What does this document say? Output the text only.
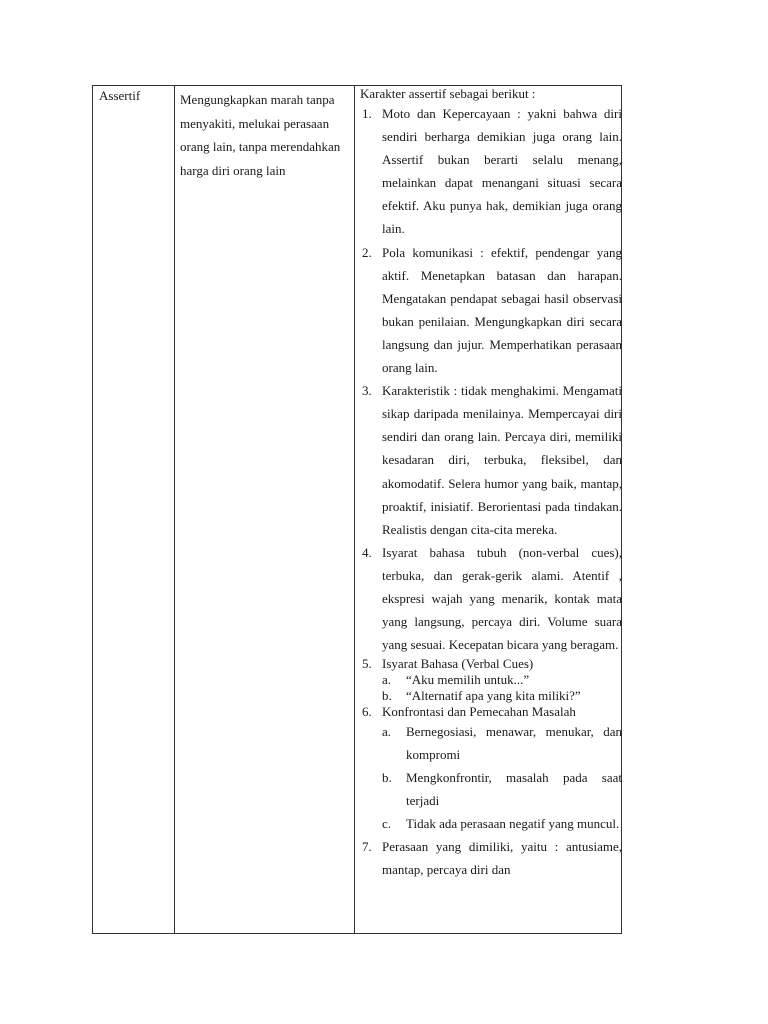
Assertif	Mengungkapkan marah tanpa menyakiti, melukai perasaan orang lain, tanpa merendahkan harga diri orang lain
Karakter assertif sebagai berikut :
1. Moto dan Kepercayaan : yakni bahwa diri sendiri berharga demikian juga orang lain. Assertif bukan berarti selalu menang, melainkan dapat menangani situasi secara efektif. Aku punya hak, demikian juga orang lain.
2. Pola komunikasi : efektif, pendengar yang aktif. Menetapkan batasan dan harapan. Mengatakan pendapat sebagai hasil observasi bukan penilaian. Mengungkapkan diri secara langsung dan jujur. Memperhatikan perasaan orang lain.
3. Karakteristik : tidak menghakimi. Mengamati sikap daripada menilainya. Mempercayai diri sendiri dan orang lain. Percaya diri, memiliki kesadaran diri, terbuka, fleksibel, dan akomodatif. Selera humor yang baik, mantap, proaktif, inisiatif. Berorientasi pada tindakan. Realistis dengan cita-cita mereka.
4. Isyarat bahasa tubuh (non-verbal cues), terbuka, dan gerak-gerik alami. Atentif , ekspresi wajah yang menarik, kontak mata yang langsung, percaya diri. Volume suara yang sesuai. Kecepatan bicara yang beragam.
5. Isyarat Bahasa (Verbal Cues)
a. “Aku memilih untuk...”
b. “Alternatif apa yang kita miliki?”
6. Konfrontasi dan Pemecahan Masalah
a. Bernegosiasi, menawar, menukar, dan kompromi
b. Mengkonfrontir, masalah pada saat terjadi
c. Tidak ada perasaan negatif yang muncul.
7. Perasaan yang dimiliki, yaitu : antusiame, mantap, percaya diri dan
